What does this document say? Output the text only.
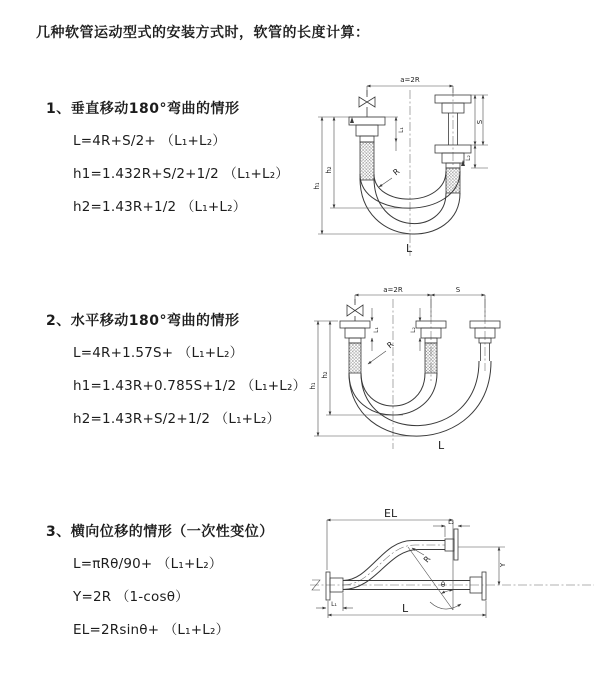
几种软管运动型式的安装方式时，软管的长度计算：
1、垂直移动180°弯曲的情形
L=4R+S/2+ （L₁+L₂）
h1=1.432R+S/2+1/2 （L₁+L₂）
h2=1.43R+1/2 （L₁+L₂）
a=2R
h₁
h₂
L₁
S
L₂
R
L
2、水平移动180°弯曲的情形
L=4R+1.57S+ （L₁+L₂）
h1=1.43R+0.785S+1/2 （L₁+L₂）
h2=1.43R+S/2+1/2 （L₁+L₂）
a=2R	S
h₁
h₂
L₁	L₂
R
L
3、横向位移的情形（一次性变位）
L=πRθ/90+ （L₁+L₂）
Y=2R （1-cosθ）
EL=2Rsinθ+ （L₁+L₂）
EL
L₂
Y
L
L₁
R
θ
